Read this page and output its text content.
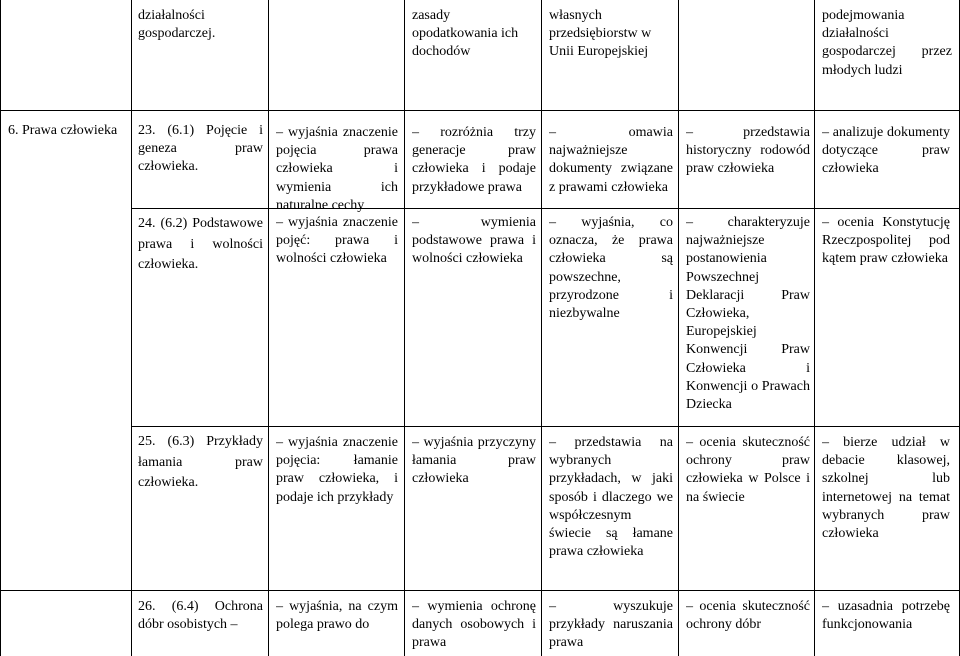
działalności gospodarczej.
zasady opodatkowania ich dochodów
własnych przedsiębiorstw w Unii Europejskiej
podejmowania działalności gospodarczej przez młodych ludzi
6. Prawa człowieka	23. (6.1) Pojęcie i geneza praw człowieka.
24. (6.2) Podstawowe prawa i wolności człowieka.
25. (6.3) Przykłady łamania praw człowieka.
– wyjaśnia znaczenie pojęcia prawa człowieka i wymienia ich naturalne cechy
– wyjaśnia znaczenie pojęć: prawa i wolności człowieka
– wyjaśnia znaczenie pojęcia: łamanie praw człowieka, i podaje ich przykłady
– rozróżnia trzy generacje praw człowieka i podaje przykładowe prawa
– wymienia podstawowe prawa i wolności człowieka
– wyjaśnia przyczyny łamania praw człowieka
– omawia najważniejsze dokumenty związane z prawami człowieka
– wyjaśnia, co oznacza, że prawa człowieka są powszechne, przyrodzone i niezbywalne
– przedstawia na wybranych przykładach, w jaki sposób i dlaczego we współczesnym świecie są łamane prawa człowieka
– przedstawia historyczny rodowód praw człowieka
– charakteryzuje najważniejsze postanowienia Powszechnej Deklaracji Praw Człowieka, Europejskiej Konwencji Praw Człowieka i Konwencji o Prawach Dziecka
– ocenia skuteczność ochrony praw człowieka w Polsce i na świecie
– analizuje dokumenty dotyczące praw człowieka
– ocenia Konstytucję Rzeczpospolitej pod kątem praw człowieka
– bierze udział w debacie klasowej, szkolnej lub internetowej na temat wybranych praw człowieka
26. (6.4) Ochrona dóbr osobistych –
– wyjaśnia, na czym polega prawo do
– wymienia ochronę danych osobowych i prawa
– wyszukuje przykłady naruszania prawa
– ocenia skuteczność ochrony dóbr
– uzasadnia potrzebę funkcjonowania
